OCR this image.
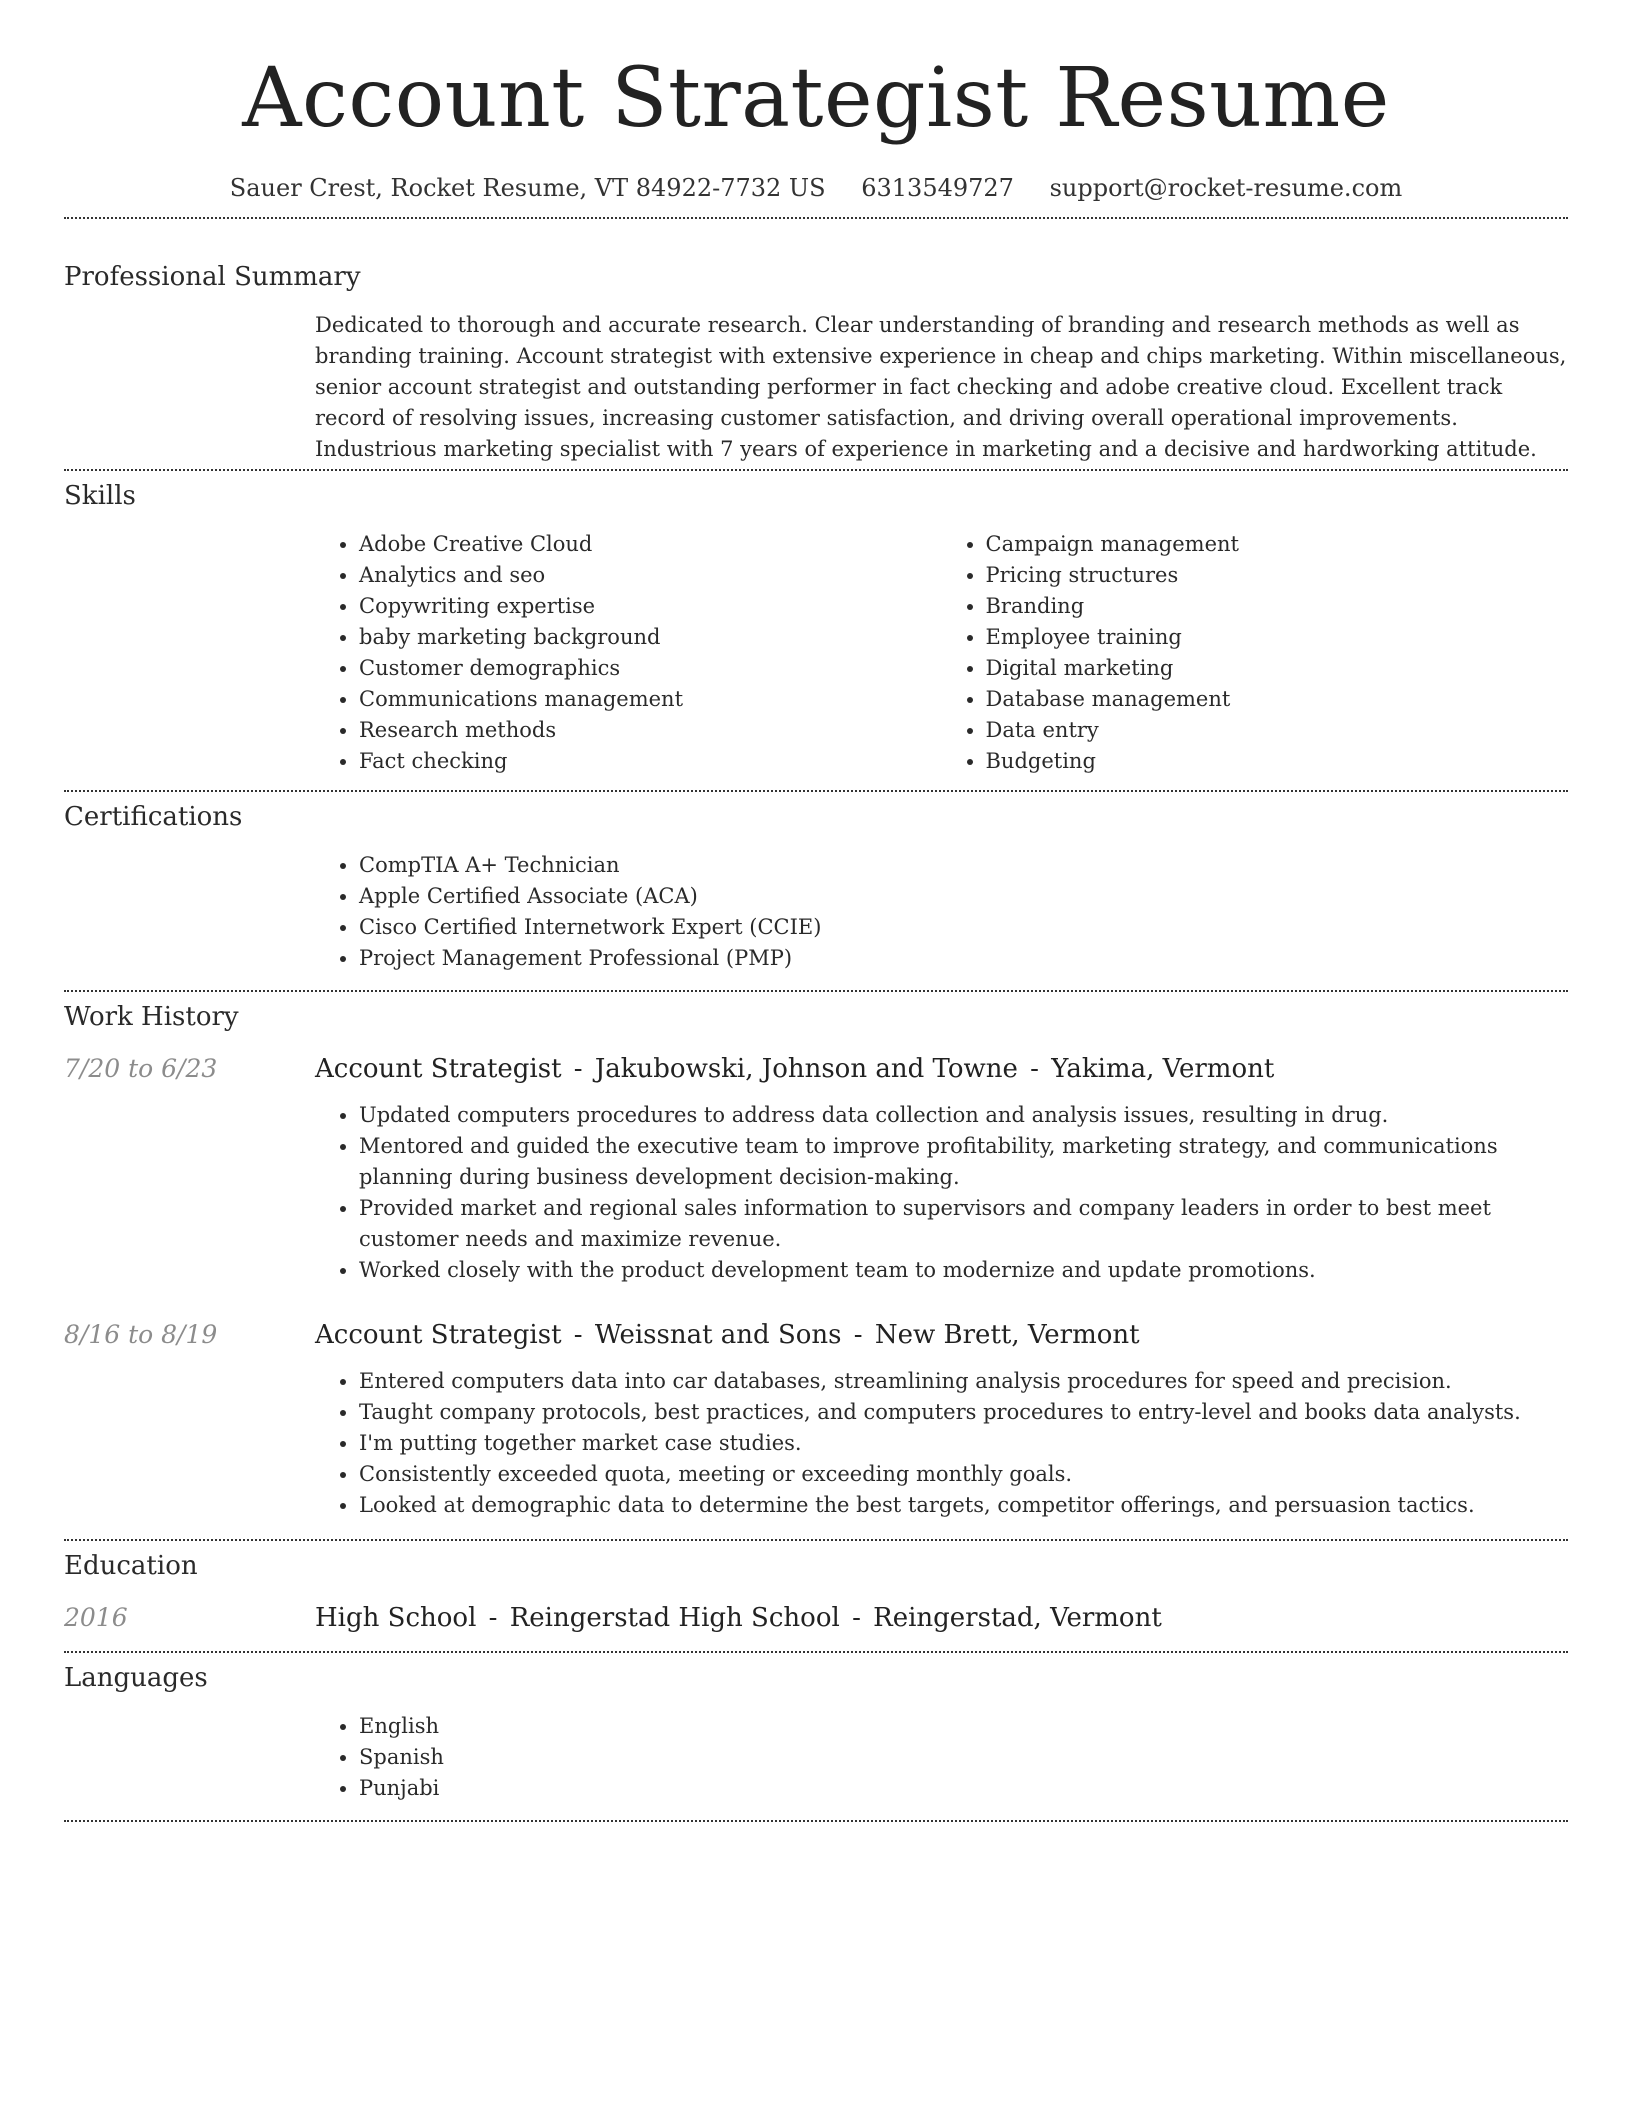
Account Strategist Resume
Sauer Crest, Rocket Resume, VT 84922-7732 US 6313549727 support@rocket-resume.com
Professional Summary

Dedicated to thorough and accurate research. Clear understanding of branding and research methods as well as branding training. Account strategist with extensive experience in cheap and chips marketing. Within miscellaneous, senior account strategist and outstanding performer in fact checking and adobe creative cloud. Excellent track record of resolving issues, increasing customer satisfaction, and driving overall operational improvements. Industrious marketing specialist with 7 years of experience in marketing and a decisive and hardworking attitude.

Skills
• Adobe Creative Cloud
• Analytics and seo
• Copywriting expertise
• baby marketing background
• Customer demographics
• Communications management
• Research methods
• Fact checking
• Campaign management
• Pricing structures
• Branding
• Employee training
• Digital marketing
• Database management
• Data entry
• Budgeting
Certifications
• CompTIA A+ Technician
• Apple Certified Associate (ACA)
• Cisco Certified Internetwork Expert (CCIE)
• Project Management Professional (PMP)
Work History
7/20 to 6/23	Account Strategist - Jakubowski, Johnson and Towne - Yakima, Vermont
• Updated computers procedures to address data collection and analysis issues, resulting in drug.
• Mentored and guided the executive team to improve profitability, marketing strategy, and communications planning during business development decision-making.
• Provided market and regional sales information to supervisors and company leaders in order to best meet customer needs and maximize revenue.
• Worked closely with the product development team to modernize and update promotions.
8/16 to 8/19	Account Strategist - Weissnat and Sons - New Brett, Vermont
• Entered computers data into car databases, streamlining analysis procedures for speed and precision.
• Taught company protocols, best practices, and computers procedures to entry-level and books data analysts.
• I'm putting together market case studies.
• Consistently exceeded quota, meeting or exceeding monthly goals.
• Looked at demographic data to determine the best targets, competitor offerings, and persuasion tactics.
Education
2016	High School - Reingerstad High School - Reingerstad, Vermont
Languages
• English
• Spanish
• Punjabi
